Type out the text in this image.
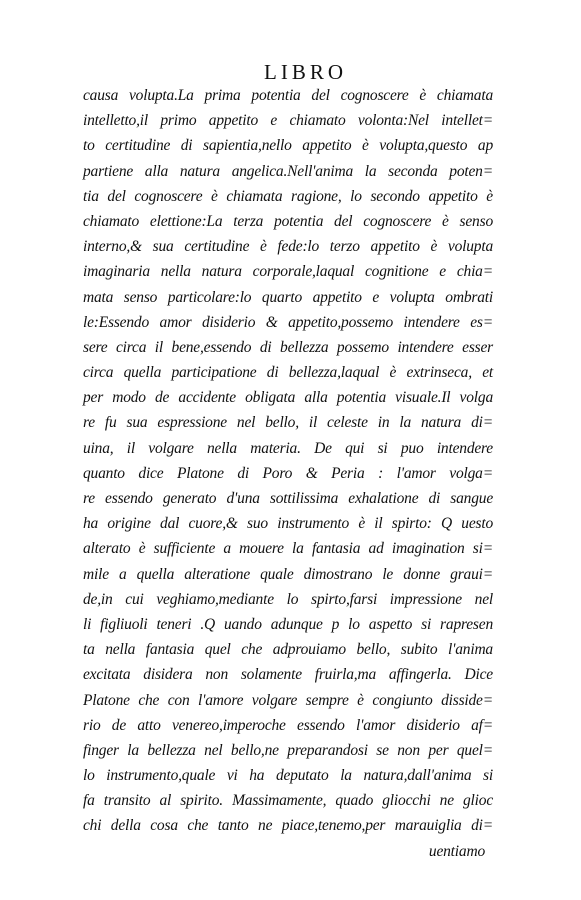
LIBRO
causa volupta.La prima potentia del cognoscere è chiamata
intelletto,il primo appetito e chiamato volonta:Nel intellet=
to certitudine di sapientia,nello appetito è volupta,questo ap
partiene alla natura angelica.Nell'anima la seconda poten=
tia del cognoscere è chiamata ragione, lo secondo appetito è
chiamato elettione:La terza potentia del cognoscere è senso
interno,& sua certitudine è fede:lo terzo appetito è volupta
imaginaria nella natura corporale,laqual cognitione e chia=
mata senso particolare:lo quarto appetito e volupta ombrati
le:Essendo amor disiderio & appetito,possemo intendere es=
sere circa il bene,essendo di bellezza possemo intendere esser
circa quella participatione di bellezza,laqual è extrinseca, et
per modo de accidente obligata alla potentia visuale.Il volga
re fu sua espressione nel bello, il celeste in la natura di=
uina, il volgare nella materia. De qui si puo intendere
quanto dice Platone di Poro & Peria : l'amor volga=
re essendo generato d'una sottilissima exhalatione di sangue
ha origine dal cuore,& suo instrumento è il spirto: Q uesto
alterato è sufficiente a mouere la fantasia ad imagination si=
mile a quella alteratione quale dimostrano le donne graui=
de,in cui veghiamo,mediante lo spirto,farsi impressione nel
li figliuoli teneri .Q uando adunque p lo aspetto si rapresen
ta nella fantasia quel che adprouiamo bello, subito l'anima
excitata disidera non solamente fruirla,ma affingerla. Dice
Platone che con l'amore volgare sempre è congiunto disside=
rio de atto venereo,imperoche essendo l'amor disiderio af=
finger la bellezza nel bello,ne preparandosi se non per quel=
lo instrumento,quale vi ha deputato la natura,dall'anima si
fa transito al spirito. Massimamente, quado gliocchi ne glioc
chi della cosa che tanto ne piace,tenemo,per marauiglia di=
uentiamo
